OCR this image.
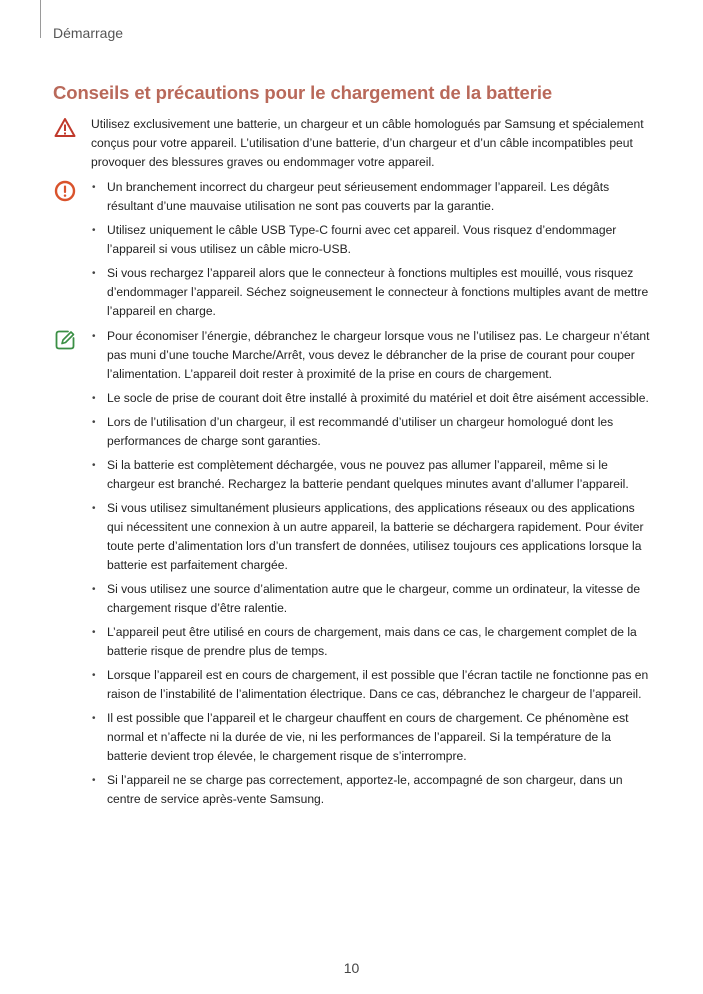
Démarrage
Conseils et précautions pour le chargement de la batterie
Utilisez exclusivement une batterie, un chargeur et un câble homologués par Samsung et spécialement conçus pour votre appareil. L’utilisation d’une batterie, d’un chargeur et d’un câble incompatibles peut provoquer des blessures graves ou endommager votre appareil.
• Un branchement incorrect du chargeur peut sérieusement endommager l’appareil. Les dégâts résultant d’une mauvaise utilisation ne sont pas couverts par la garantie.
• Utilisez uniquement le câble USB Type-C fourni avec cet appareil. Vous risquez d’endommager l’appareil si vous utilisez un câble micro-USB.
• Si vous rechargez l’appareil alors que le connecteur à fonctions multiples est mouillé, vous risquez d’endommager l’appareil. Séchez soigneusement le connecteur à fonctions multiples avant de mettre l’appareil en charge.
• Pour économiser l’énergie, débranchez le chargeur lorsque vous ne l’utilisez pas. Le chargeur n’étant pas muni d’une touche Marche/Arrêt, vous devez le débrancher de la prise de courant pour couper l’alimentation. L’appareil doit rester à proximité de la prise en cours de chargement.
• Le socle de prise de courant doit être installé à proximité du matériel et doit être aisément accessible.
• Lors de l’utilisation d’un chargeur, il est recommandé d’utiliser un chargeur homologué dont les performances de charge sont garanties.
• Si la batterie est complètement déchargée, vous ne pouvez pas allumer l’appareil, même si le chargeur est branché. Rechargez la batterie pendant quelques minutes avant d’allumer l’appareil.
• Si vous utilisez simultanément plusieurs applications, des applications réseaux ou des applications qui nécessitent une connexion à un autre appareil, la batterie se déchargera rapidement. Pour éviter toute perte d’alimentation lors d’un transfert de données, utilisez toujours ces applications lorsque la batterie est parfaitement chargée.
• Si vous utilisez une source d’alimentation autre que le chargeur, comme un ordinateur, la vitesse de chargement risque d’être ralentie.
• L’appareil peut être utilisé en cours de chargement, mais dans ce cas, le chargement complet de la batterie risque de prendre plus de temps.
• Lorsque l’appareil est en cours de chargement, il est possible que l’écran tactile ne fonctionne pas en raison de l’instabilité de l’alimentation électrique. Dans ce cas, débranchez le chargeur de l’appareil.
• Il est possible que l’appareil et le chargeur chauffent en cours de chargement. Ce phénomène est normal et n’affecte ni la durée de vie, ni les performances de l’appareil. Si la température de la batterie devient trop élevée, le chargement risque de s’interrompre.
• Si l’appareil ne se charge pas correctement, apportez-le, accompagné de son chargeur, dans un centre de service après-vente Samsung.
10
